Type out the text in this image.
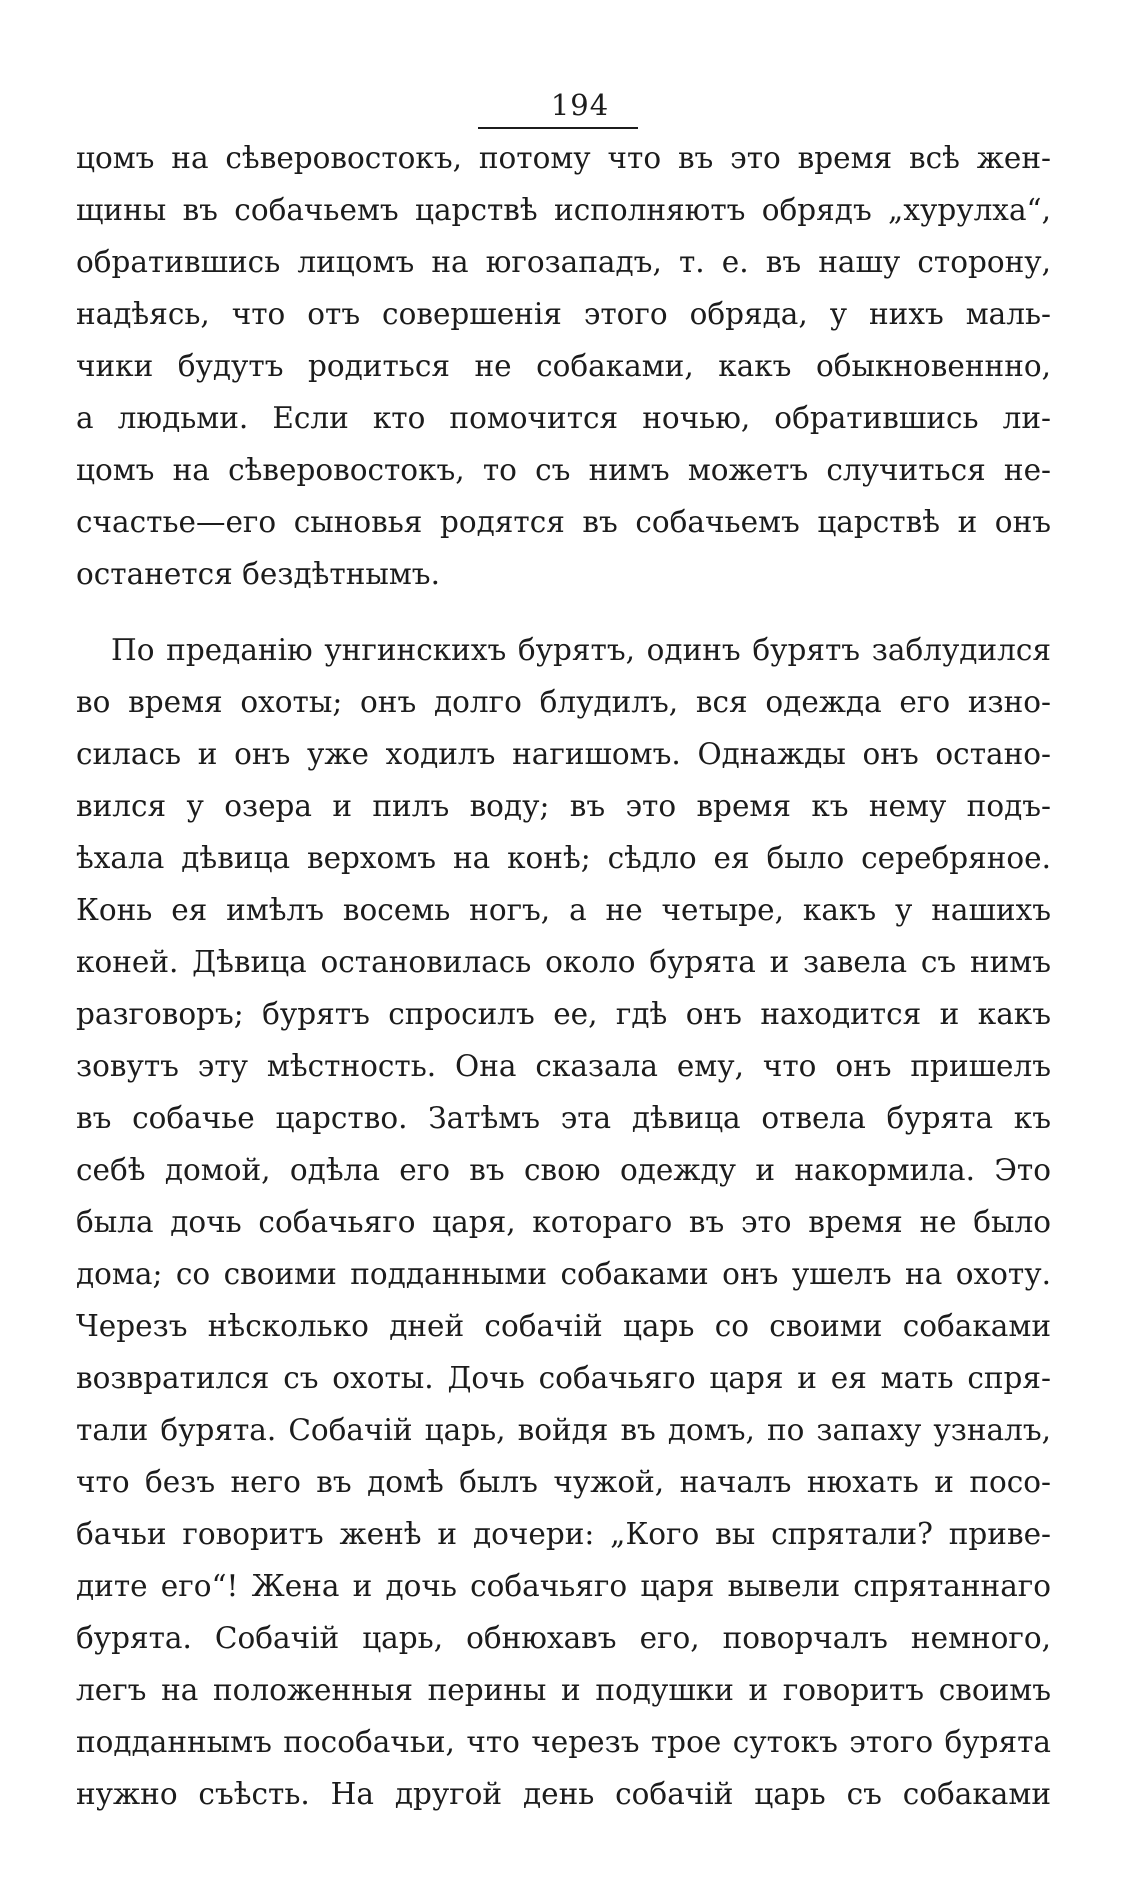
194
цомъ на сѣверовостокъ, потому что въ это время всѣ жен-
щины въ собачьемъ царствѣ исполняютъ обрядъ „хурулха“,
обратившись лицомъ на югозападъ, т. е. въ нашу сторону,
надѣясь, что отъ совершенія этого обряда, у нихъ маль-
чики будутъ родиться не собаками, какъ обыкновеннно,
а людьми. Если кто помочится ночью, обратившись ли-
цомъ на сѣверовостокъ, то съ нимъ можетъ случиться не-
счастье—его сыновья родятся въ собачьемъ царствѣ и онъ
останется бездѣтнымъ.
По преданію унгинскихъ бурятъ, одинъ бурятъ заблудился
во время охоты; онъ долго блудилъ, вся одежда его изно-
силась и онъ уже ходилъ нагишомъ. Однажды онъ остано-
вился у озера и пилъ воду; въ это время къ нему подъ-
ѣхала дѣвица верхомъ на конѣ; сѣдло ея было серебряное.
Конь ея имѣлъ восемь ногъ, а не четыре, какъ у нашихъ
коней. Дѣвица остановилась около бурята и завела съ нимъ
разговоръ; бурятъ спросилъ ее, гдѣ онъ находится и какъ
зовутъ эту мѣстность. Она сказала ему, что онъ пришелъ
въ собачье царство. Затѣмъ эта дѣвица отвела бурята къ
себѣ домой, одѣла его въ свою одежду и накормила. Это
была дочь собачьяго царя, котораго въ это время не было
дома; со своими подданными собаками онъ ушелъ на охоту.
Черезъ нѣсколько дней собачій царь со своими собаками
возвратился съ охоты. Дочь собачьяго царя и ея мать спря-
тали бурята. Собачій царь, войдя въ домъ, по запаху узналъ,
что безъ него въ домѣ былъ чужой, началъ нюхать и посо-
бачьи говоритъ женѣ и дочери: „Кого вы спрятали? приве-
дите его“! Жена и дочь собачьяго царя вывели спрятаннаго
бурята. Собачій царь, обнюхавъ его, поворчалъ немного,
легъ на положенныя перины и подушки и говоритъ своимъ
подданнымъ пособачьи, что черезъ трое сутокъ этого бурята
нужно съѣсть. На другой день собачій царь съ собаками
